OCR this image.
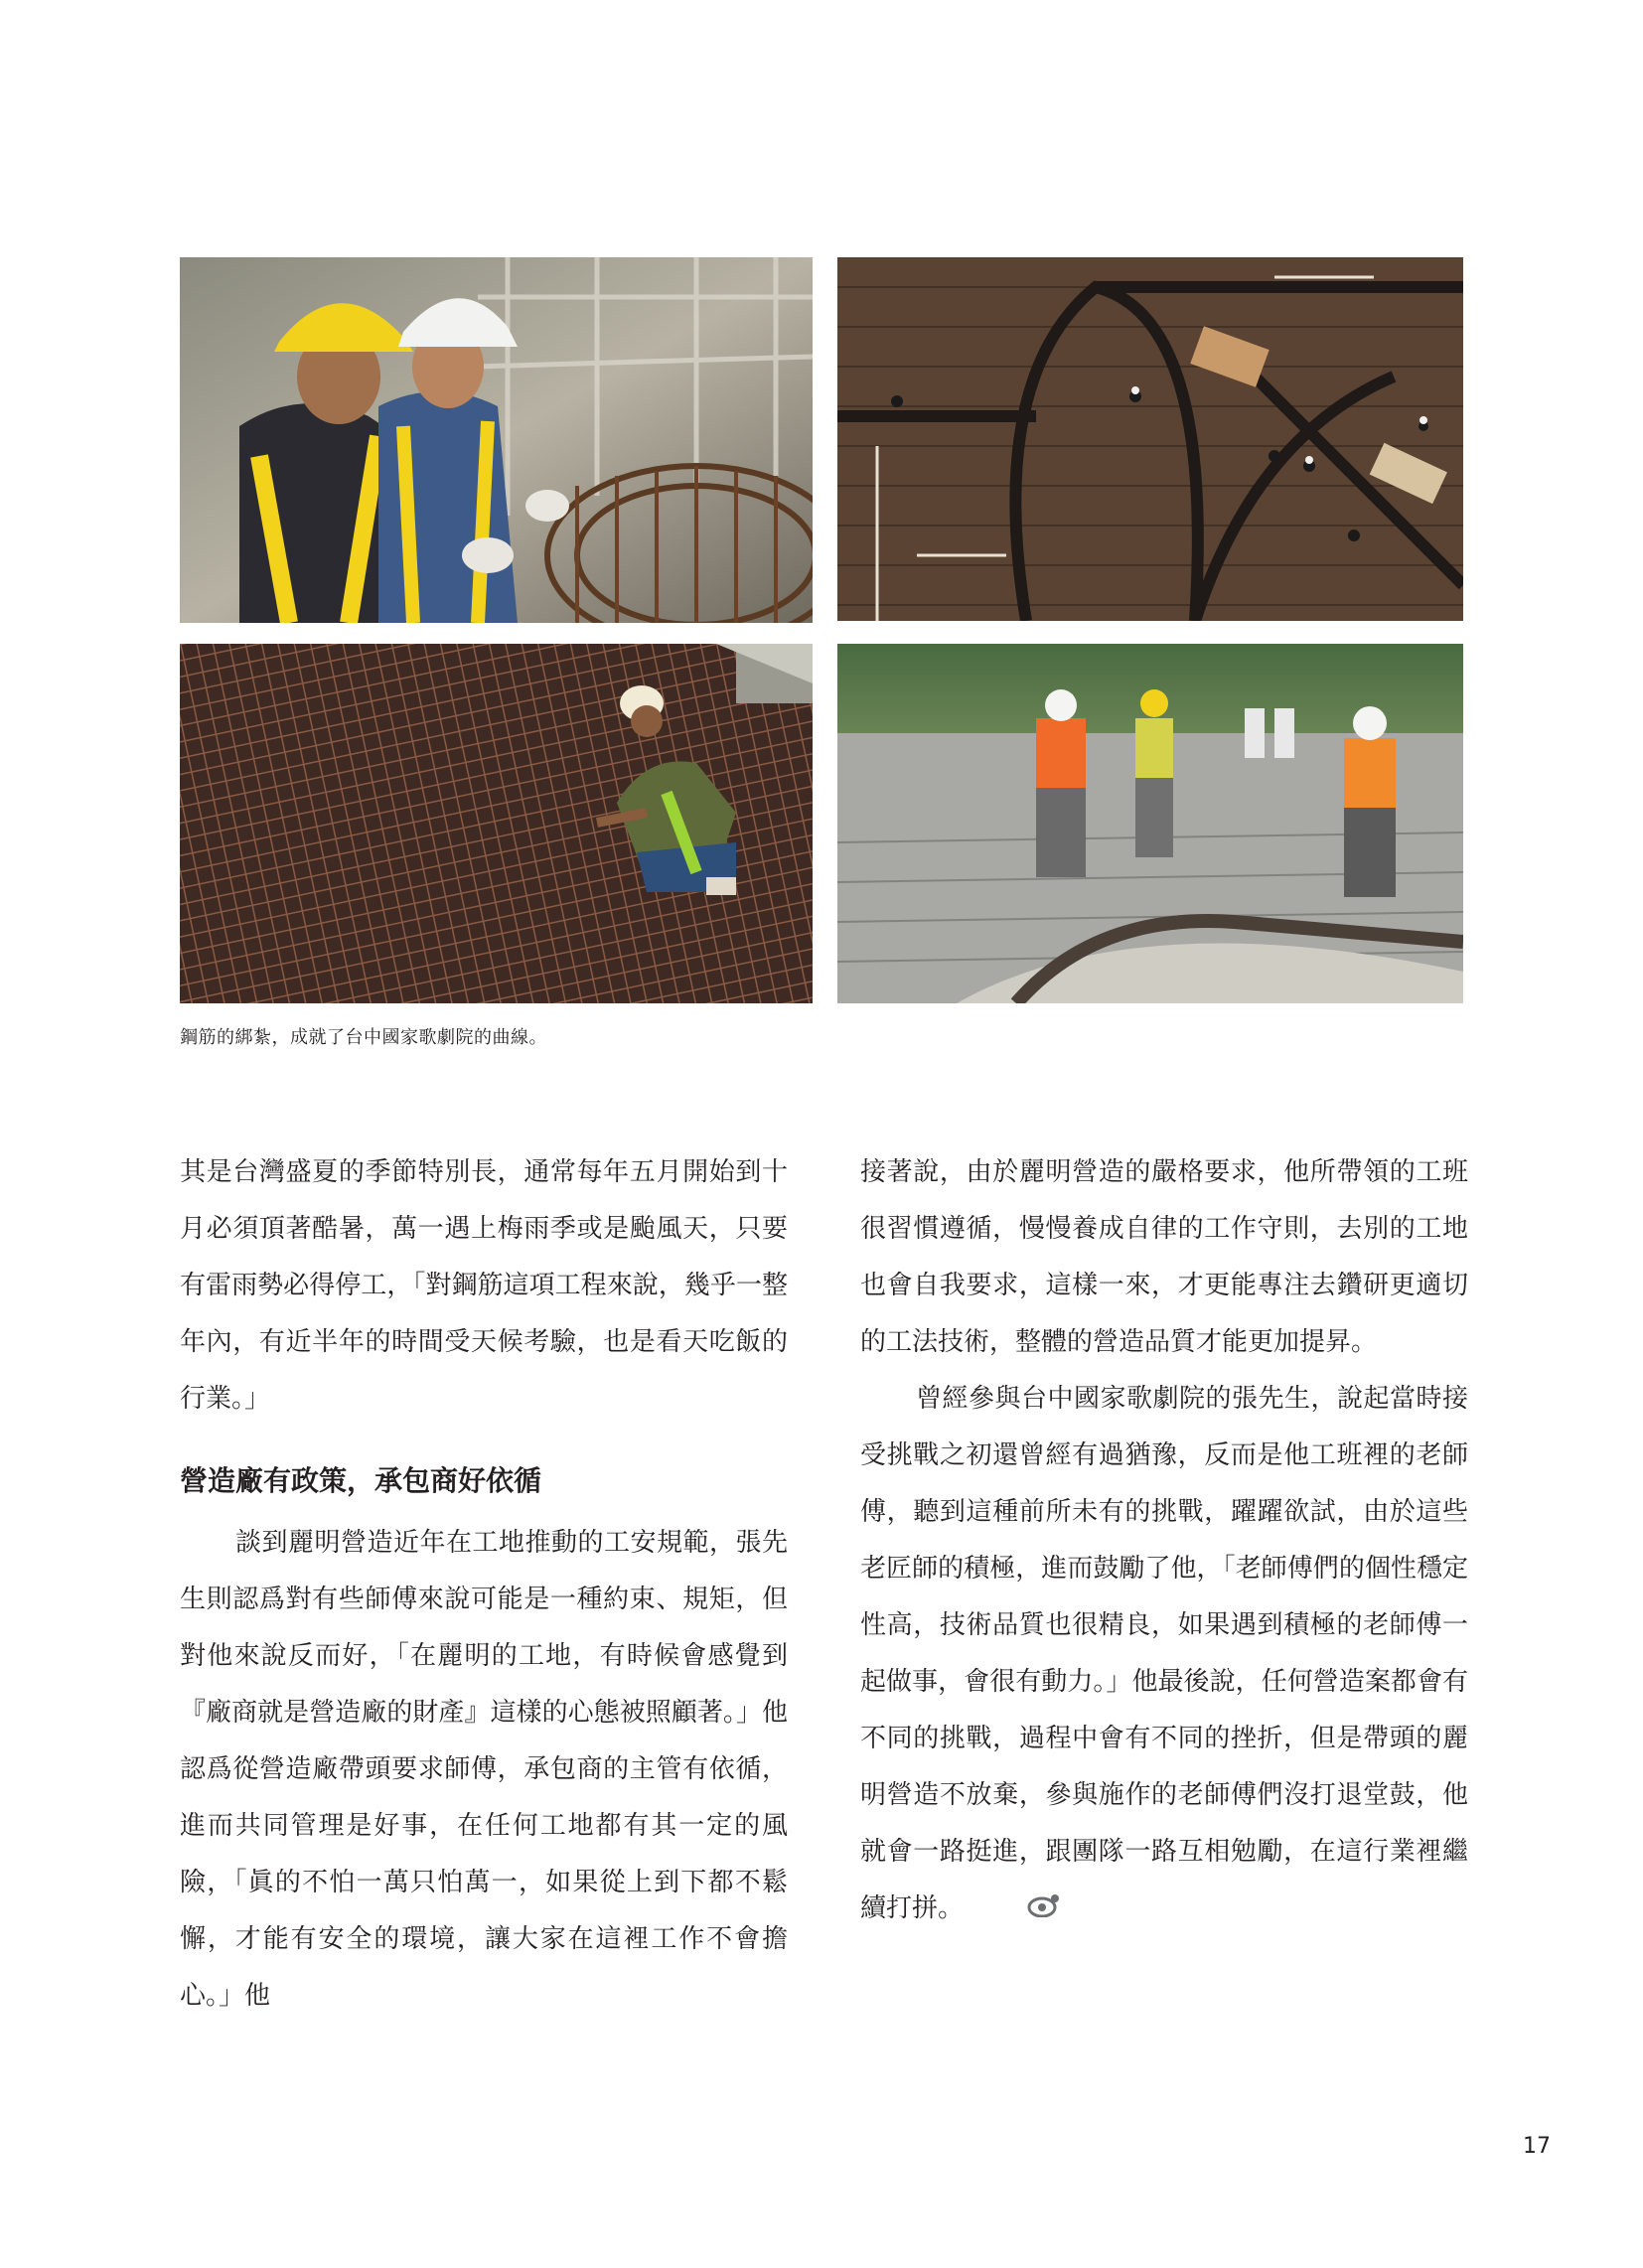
鋼筋的綁紮，成就了台中國家歌劇院的曲線。

其是台灣盛夏的季節特別長，通常每年五月開始到十月必須頂著酷暑，萬一遇上梅雨季或是颱風天，只要有雷雨勢必得停工，「對鋼筋這項工程來說，幾乎一整年內，有近半年的時間受天候考驗，也是看天吃飯的行業。」

營造廠有政策，承包商好依循

談到麗明營造近年在工地推動的工安規範，張先生則認爲對有些師傅來說可能是一種約束、規矩，但對他來說反而好，「在麗明的工地，有時候會感覺到『廠商就是營造廠的財產』這樣的心態被照顧著。」他認爲從營造廠帶頭要求師傅，承包商的主管有依循，進而共同管理是好事，在任何工地都有其一定的風險，「眞的不怕一萬只怕萬一，如果從上到下都不鬆懈，才能有安全的環境，讓大家在這裡工作不會擔心。」他

接著說，由於麗明營造的嚴格要求，他所帶領的工班很習慣遵循，慢慢養成自律的工作守則，去別的工地也會自我要求，這樣一來，才更能專注去鑽研更適切的工法技術，整體的營造品質才能更加提昇。

曾經參與台中國家歌劇院的張先生，說起當時接受挑戰之初還曾經有過猶豫，反而是他工班裡的老師傅，聽到這種前所未有的挑戰，躍躍欲試，由於這些老匠師的積極，進而鼓勵了他，「老師傅們的個性穩定性高，技術品質也很精良，如果遇到積極的老師傅一起做事，會很有動力。」他最後說，任何營造案都會有不同的挑戰，過程中會有不同的挫折，但是帶頭的麗明營造不放棄，參與施作的老師傅們沒打退堂鼓，他就會一路挺進，跟團隊一路互相勉勵，在這行業裡繼續打拼。

17
